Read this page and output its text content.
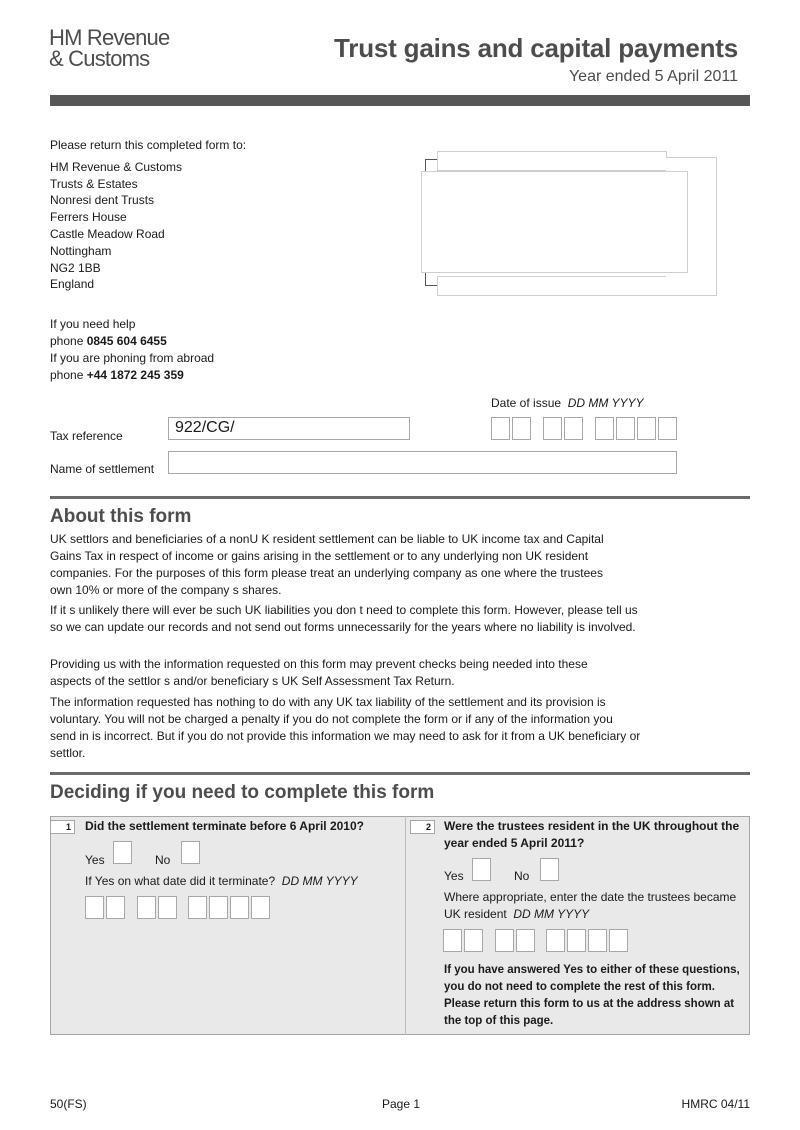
HM Revenue
& Customs	Trust gains and capital payments
Year ended 5 April 2011
Please return this completed form to:
HM Revenue & Customs
Trusts & Estates
Nonresi dent Trusts
Ferrers House
Castle Meadow Road
Nottingham
NG2 1BB
England
If you need help
phone 0845 604 6455
If you are phoning from abroad
phone +44 1872 245 359
Date of issue DD MM YYYY
Tax reference	922/CG/
Name of settlement
About this form
UK settlors and beneficiaries of a nonU K resident settlement can be liable to UK income tax and Capital Gains Tax in respect of income or gains arising in the settlement or to any underlying non UK resident companies. For the purposes of this form please treat an underlying company as one where the trustees own 10% or more of the company s shares.
If it s unlikely there will ever be such UK liabilities you don t need to complete this form. However, please tell us so we can update our records and not send out forms unnecessarily for the years where no liability is involved.
Providing us with the information requested on this form may prevent checks being needed into these aspects of the settlor s and/or beneficiary s UK Self Assessment Tax Return.
The information requested has nothing to do with any UK tax liability of the settlement and its provision is voluntary. You will not be charged a penalty if you do not complete the form or if any of the information you send in is incorrect. But if you do not provide this information we may need to ask for it from a UK beneficiary or settlor.
Deciding if you need to complete this form
1	Did the settlement terminate before 6 April 2010?
Yes	No
If Yes on what date did it terminate? DD MM YYYY
2	Were the trustees resident in the UK throughout the
year ended 5 April 2011?
Yes	No
Where appropriate, enter the date the trustees became
UK resident DD MM YYYY
If you have answered Yes to either of these questions,
you do not need to complete the rest of this form.
Please return this form to us at the address shown at
the top of this page.
50(FS)	Page 1	HMRC 04/11
